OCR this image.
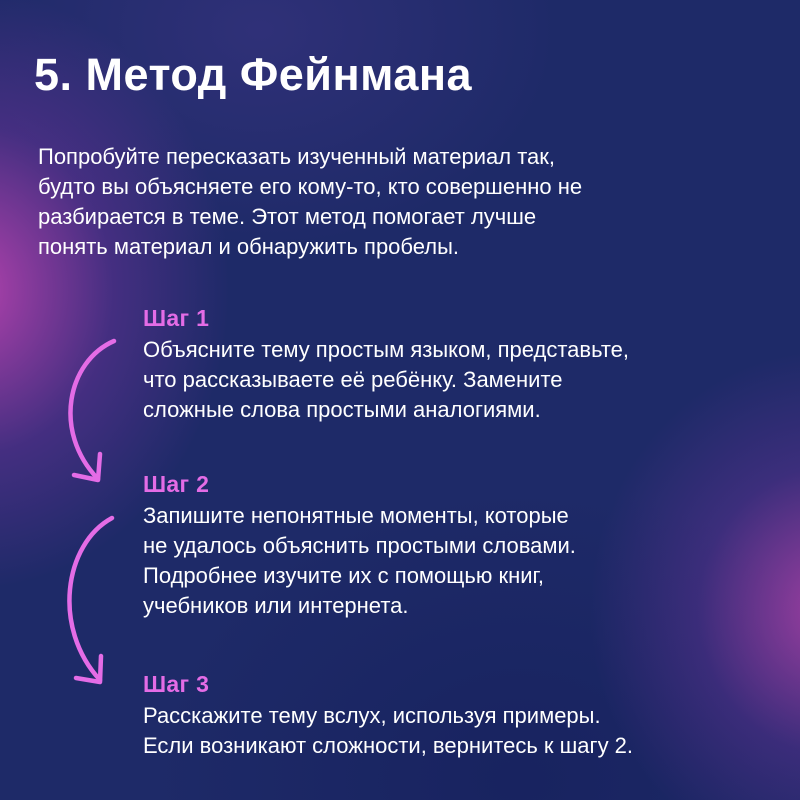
5. Метод Фейнмана
Попробуйте пересказать изученный материал так,
будто вы объясняете его кому-то, кто совершенно не
разбирается в теме. Этот метод помогает лучше
понять материал и обнаружить пробелы.
Шаг 1

Объясните тему простым языком, представьте,
что рассказываете её ребёнку. Замените
сложные слова простыми аналогиями.

Шаг 2

Запишите непонятные моменты, которые
не удалось объяснить простыми словами.
Подробнее изучите их с помощью книг,
учебников или интернета.

Шаг 3

Расскажите тему вслух, используя примеры.
Если возникают сложности, вернитесь к шагу 2.
